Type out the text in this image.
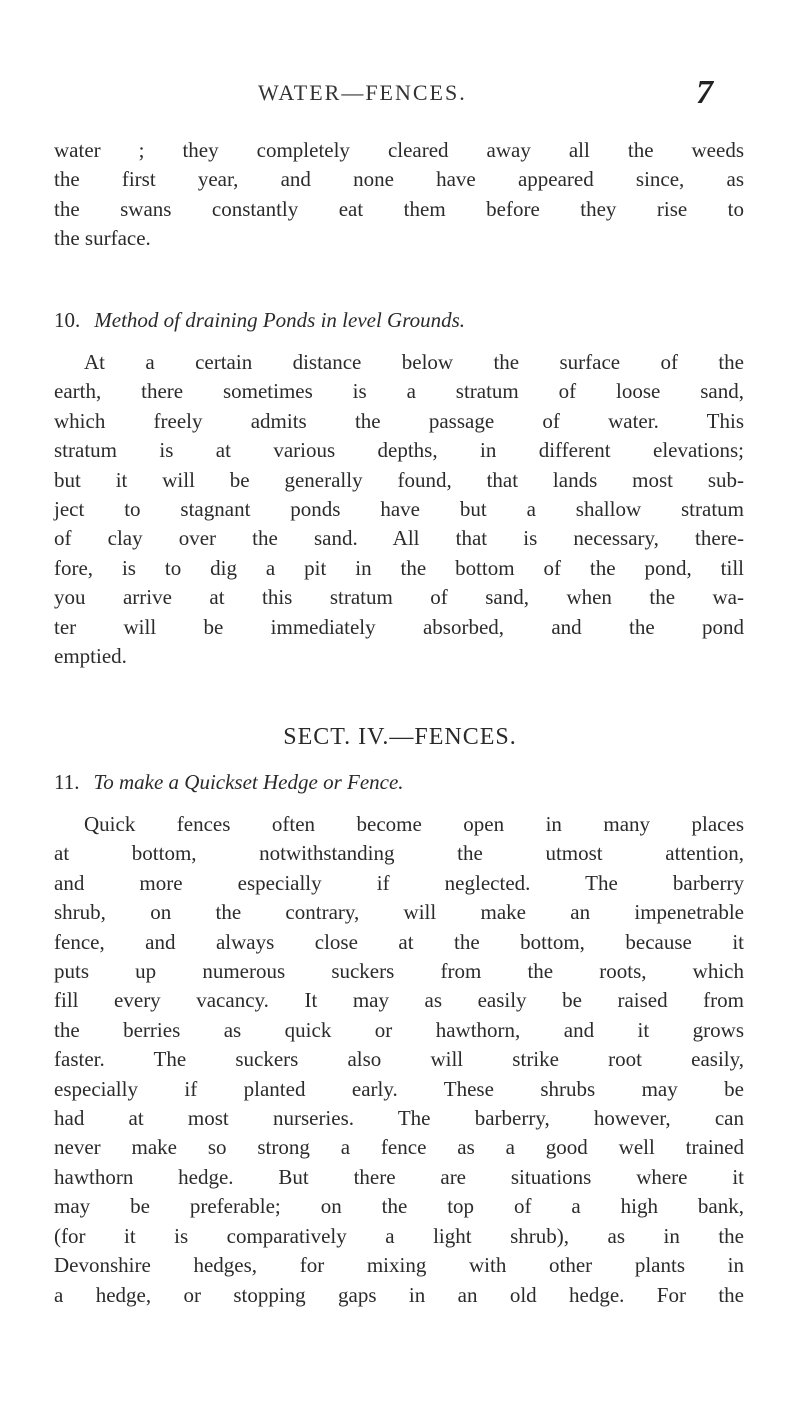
WATER—FENCES.	7
water ; they completely cleared away all the weeds
the first year, and none have appeared since, as
the swans constantly eat them before they rise to
the surface.
10. Method of draining Ponds in level Grounds.
At a certain distance below the surface of the
earth, there sometimes is a stratum of loose sand,
which freely admits the passage of water. This
stratum is at various depths, in different elevations;
but it will be generally found, that lands most sub-
ject to stagnant ponds have but a shallow stratum
of clay over the sand. All that is necessary, there-
fore, is to dig a pit in the bottom of the pond, till
you arrive at this stratum of sand, when the wa-
ter will be immediately absorbed, and the pond
emptied.
SECT. IV.—FENCES.
11. To make a Quickset Hedge or Fence.
Quick fences often become open in many places
at bottom, notwithstanding the utmost attention,
and more especially if neglected. The barberry
shrub, on the contrary, will make an impenetrable
fence, and always close at the bottom, because it
puts up numerous suckers from the roots, which
fill every vacancy. It may as easily be raised from
the berries as quick or hawthorn, and it grows
faster. The suckers also will strike root easily,
especially if planted early. These shrubs may be
had at most nurseries. The barberry, however, can
never make so strong a fence as a good well trained
hawthorn hedge. But there are situations where it
may be preferable; on the top of a high bank,
(for it is comparatively a light shrub), as in the
Devonshire hedges, for mixing with other plants in
a hedge, or stopping gaps in an old hedge. For the
